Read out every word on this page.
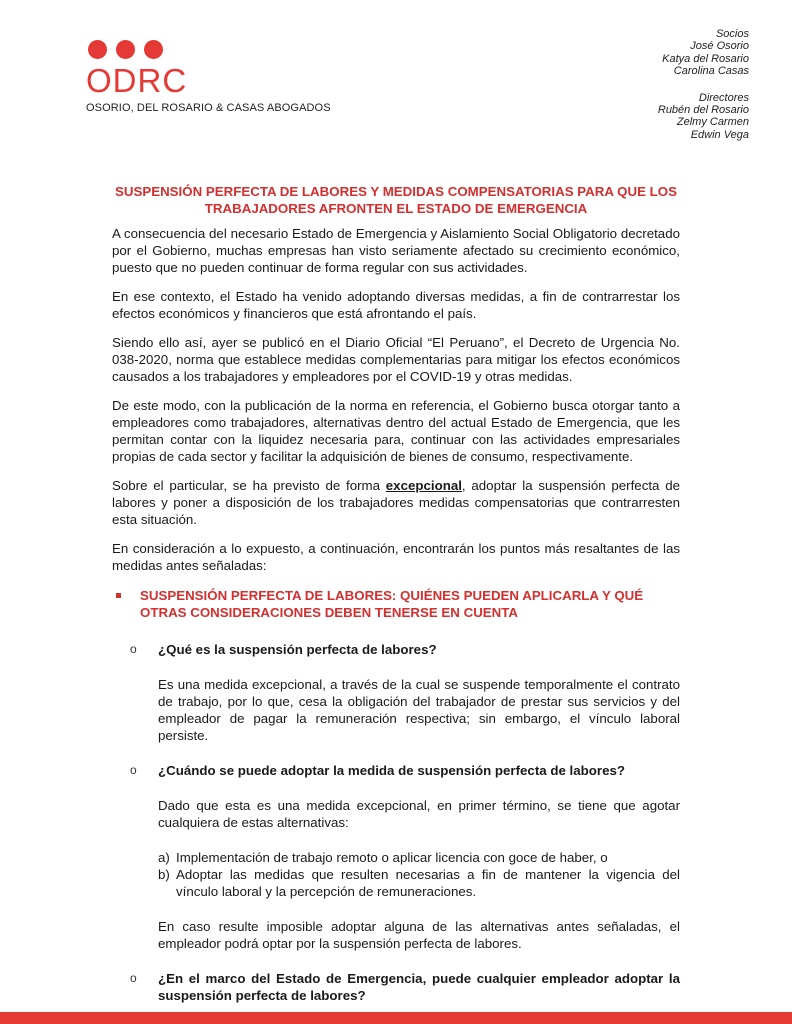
ODRC
OSORIO, DEL ROSARIO & CASAS ABOGADOS
Socios
José Osorio
Katya del Rosario
Carolina Casas
Directores
Rubén del Rosario
Zelmy Carmen
Edwin Vega
SUSPENSIÓN PERFECTA DE LABORES Y MEDIDAS COMPENSATORIAS PARA QUE LOS TRABAJADORES AFRONTEN EL ESTADO DE EMERGENCIA

A consecuencia del necesario Estado de Emergencia y Aislamiento Social Obligatorio decretado por el Gobierno, muchas empresas han visto seriamente afectado su crecimiento económico, puesto que no pueden continuar de forma regular con sus actividades.

En ese contexto, el Estado ha venido adoptando diversas medidas, a fin de contrarrestar los efectos económicos y financieros que está afrontando el país.

Siendo ello así, ayer se publicó en el Diario Oficial “El Peruano”, el Decreto de Urgencia No. 038-2020, norma que establece medidas complementarias para mitigar los efectos económicos causados a los trabajadores y empleadores por el COVID-19 y otras medidas.

De este modo, con la publicación de la norma en referencia, el Gobierno busca otorgar tanto a empleadores como trabajadores, alternativas dentro del actual Estado de Emergencia, que les permitan contar con la liquidez necesaria para, continuar con las actividades empresariales propias de cada sector y facilitar la adquisición de bienes de consumo, respectivamente.

Sobre el particular, se ha previsto de forma excepcional, adoptar la suspensión perfecta de labores y poner a disposición de los trabajadores medidas compensatorias que contrarresten esta situación.

En consideración a lo expuesto, a continuación, encontrarán los puntos más resaltantes de las medidas antes señaladas:

SUSPENSIÓN PERFECTA DE LABORES: QUIÉNES PUEDEN APLICARLA Y QUÉ OTRAS CONSIDERACIONES DEBEN TENERSE EN CUENTA
o ¿Qué es la suspensión perfecta de labores?
Es una medida excepcional, a través de la cual se suspende temporalmente el contrato de trabajo, por lo que, cesa la obligación del trabajador de prestar sus servicios y del empleador de pagar la remuneración respectiva; sin embargo, el vínculo laboral persiste.
o ¿Cuándo se puede adoptar la medida de suspensión perfecta de labores?
Dado que esta es una medida excepcional, en primer término, se tiene que agotar cualquiera de estas alternativas:
a) Implementación de trabajo remoto o aplicar licencia con goce de haber, o
b) Adoptar las medidas que resulten necesarias a fin de mantener la vigencia del vínculo laboral y la percepción de remuneraciones.
En caso resulte imposible adoptar alguna de las alternativas antes señaladas, el empleador podrá optar por la suspensión perfecta de labores.
o ¿En el marco del Estado de Emergencia, puede cualquier empleador adoptar la suspensión perfecta de labores?
